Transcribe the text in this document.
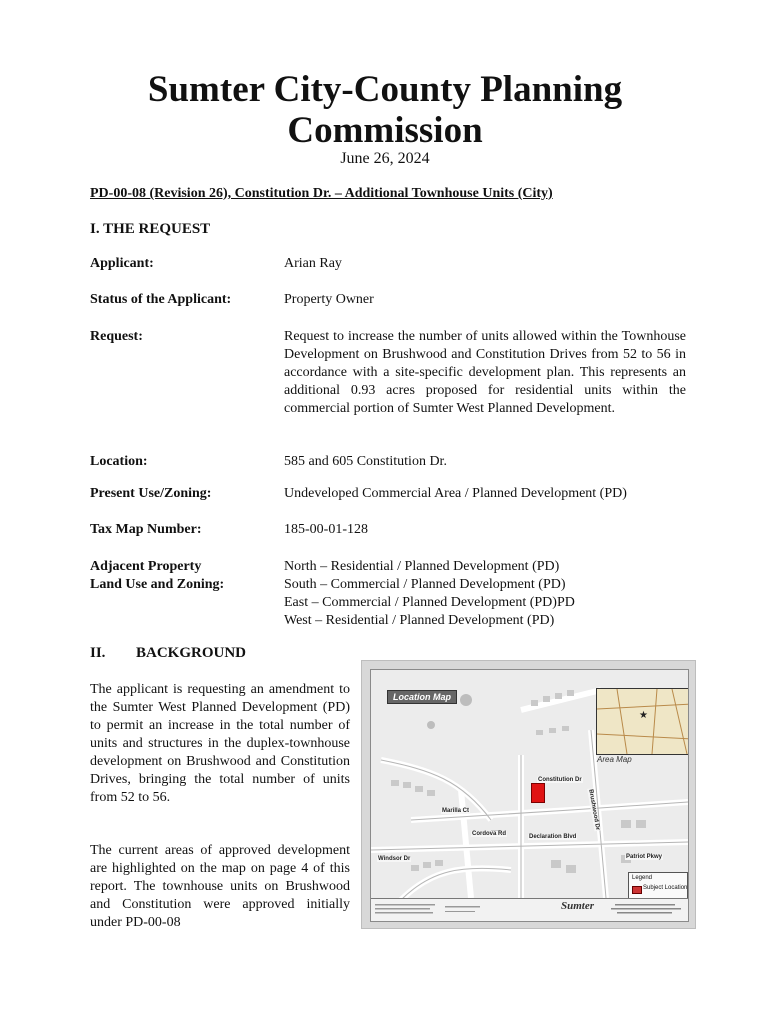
Sumter City-County Planning
Commission
June 26, 2024
PD-00-08 (Revision 26), Constitution Dr. – Additional Townhouse Units (City)
I. THE REQUEST
Applicant:	Arian Ray
Status of the Applicant:	Property Owner
Request:	Request to increase the number of units allowed within the Townhouse Development on Brushwood and Constitution Drives from 52 to 56 in accordance with a site-specific development plan. This represents an additional 0.93 acres proposed for residential units within the commercial portion of Sumter West Planned Development.
Location:	585 and 605 Constitution Dr.
Present Use/Zoning:	Undeveloped Commercial Area / Planned Development (PD)
Tax Map Number:	185-00-01-128
Adjacent Property
Land Use and Zoning:
North – Residential / Planned Development (PD)
South – Commercial / Planned Development (PD)
East – Commercial / Planned Development (PD)PD
West – Residential / Planned Development (PD)
II. BACKGROUND
The applicant is requesting an amendment to the Sumter West Planned Development (PD) to permit an increase in the total number of units and structures in the duplex-townhouse development on Brushwood and Constitution Drives, bringing the total number of units from 52 to 56.
The current areas of approved development are highlighted on the map on page 4 of this report. The townhouse units on Brushwood and Constitution were approved initially under PD-00-08
Location Map
★
Area Map
Constitution Dr
Brushwood Dr
Cordova Rd	Declaration Blvd
Patriot Pkwy
Windsor Dr
Marilla Ct
Legend
Subject Location
Sumter
